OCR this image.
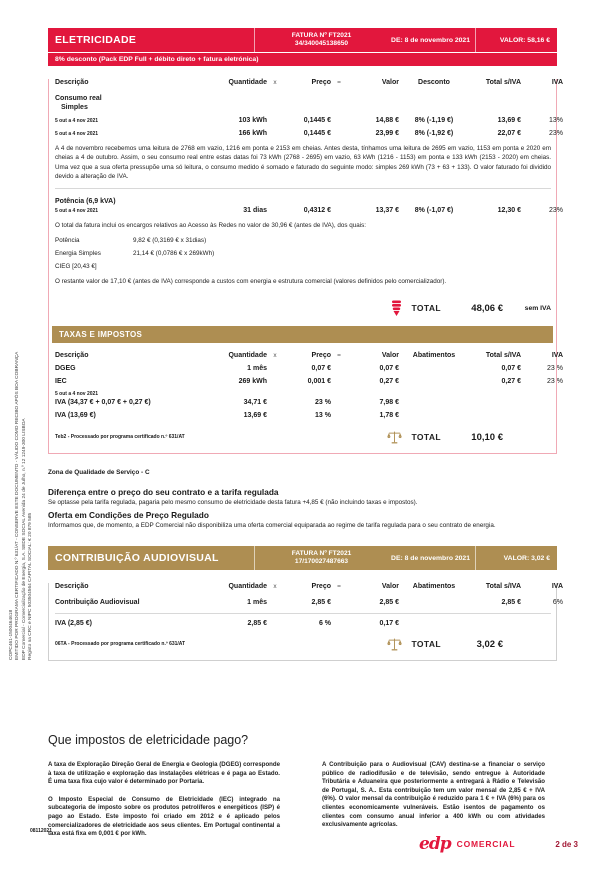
COPC461-1500464618 EMITIDO POR PROGRAMA CERTIFICADO N.º 631/AT - CONSERVE ESTE DOCUMENTO - VÁLIDO COMO RECIBO APÓS BOA COBRANÇA EDP Comercial - Comercialização de Energia, S.A. SEDE SOCIAL Avenida 24 de Julho, n.º 12 1249-300 LISBOA Registo na CRC e NIPC 503504564 CAPITAL SOCIAL: € 20 879 585
ELETRICIDADE	FATURA Nº FT2021
34/340045138650	DE: 8 de novembro 2021	VALOR: 58,16 €
8% desconto (Pack EDP Full + débito direto + fatura eletrónica)
Descrição	Quantidade x	Preço =	Valor	Desconto	Total s/IVA	IVA
Consumo real
Simples
5 out a 4 nov 2021	103 kWh	0,1445 €	14,88 €	8% (-1,19 €)	13,69 €	13%
5 out a 4 nov 2021	166 kWh	0,1445 €	23,99 €	8% (-1,92 €)	22,07 €	23%

A 4 de novembro recebemos uma leitura de 2768 em vazio, 1216 em ponta e 2153 em cheias. Antes desta, tínhamos uma leitura de 2695 em vazio, 1153 em ponta e 2020 em cheias a 4 de outubro. Assim, o seu consumo real entre estas datas foi 73 kWh (2768 - 2695) em vazio, 63 kWh (1216 - 1153) em ponta e 133 kWh (2153 - 2020) em cheias. Uma vez que a sua oferta pressupõe uma só leitura, o consumo medido é somado e faturado do seguinte modo: simples 269 kWh (73 + 63 + 133). O valor faturado foi dividido devido a alteração de IVA.

Potência (6,9 kVA)
5 out a 4 nov 2021	31 dias	0,4312 €	13,37 €	8% (-1,07 €)	12,30 €	23%

O total da fatura inclui os encargos relativos ao Acesso às Redes no valor de 30,96 € (antes de IVA), dos quais:

Potência	9,82 € (0,3169 € x 31dias)
Energia Simples	21,14 € (0,0786 € x 269kWh)
CIEG [20,43 €]

O restante valor de 17,10 € (antes de IVA) corresponde a custos com energia e estrutura comercial (valores definidos pelo comercializador).

TOTAL	48,06 €	sem IVA
TAXAS E IMPOSTOS
Descrição	Quantidade x	Preço =	Valor	Abatimentos	Total s/IVA	IVA
DGEG	1 mês	0,07 €	0,07 €	0,07 €	23 %
IEC	269 kWh	0,001 €	0,27 €	0,27 €	23 %
5 out a 4 nov 2021
IVA (34,37 € + 0,07 € + 0,27 €)	34,71 €	23 %	7,98 €
IVA (13,69 €)	13,69 €	13 %	1,78 €
Teb2 - Processado por programa certificado n.º 631/AT	TOTAL	10,10 €
Zona de Qualidade de Serviço - C
Diferença entre o preço do seu contrato e a tarifa regulada
Se optasse pela tarifa regulada, pagaria pelo mesmo consumo de eletricidade desta fatura +4,85 € (não incluindo taxas e impostos).
Oferta em Condições de Preço Regulado
Informamos que, de momento, a EDP Comercial não disponibiliza uma oferta comercial equiparada ao regime de tarifa regulada para o seu contrato de energia.
CONTRIBUIÇÃO AUDIOVISUAL	FATURA Nº FT2021
17/170027487663	DE: 8 de novembro 2021	VALOR: 3,02 €
Descrição	Quantidade x	Preço =	Valor	Abatimentos	Total s/IVA	IVA
Contribuição Audiovisual	1 mês	2,85 €	2,85 €	2,85 €	6%
IVA (2,85 €)	2,85 €	6 %	0,17 €
06TA - Processado por programa certificado n.º 631/AT	TOTAL	3,02 €
Que impostos de eletricidade pago?

A taxa de Exploração Direção Geral de Energia e Geologia (DGEG) corresponde à taxa de utilização e exploração das instalações elétricas e é paga ao Estado. É uma taxa fixa cujo valor é determinado por Portaria.

O Imposto Especial de Consumo de Eletricidade (IEC) integrado na subcategoria de imposto sobre os produtos petrolíferos e energéticos (ISP) é pago ao Estado. Este imposto foi criado em 2012 e é aplicado pelos comercializadores de eletricidade aos seus clientes. Em Portugal continental a taxa está fixa em 0,001 € por kWh.

A Contribuição para o Audiovisual (CAV) destina-se a financiar o serviço público de radiodifusão e de televisão, sendo entregue à Autoridade Tributária e Aduaneira que posteriormente a entregará à Rádio e Televisão de Portugal, S. A.. Esta contribuição tem um valor mensal de 2,85 € + IVA (6%). O valor mensal da contribuição é reduzido para 1 € + IVA (6%) para os clientes economicamente vulneráveis. Estão isentos de pagamento os clientes com consumo anual inferior a 400 kWh ou com atividades exclusivamente agrícolas.

08112021
edp COMERCIAL	2 de 3
